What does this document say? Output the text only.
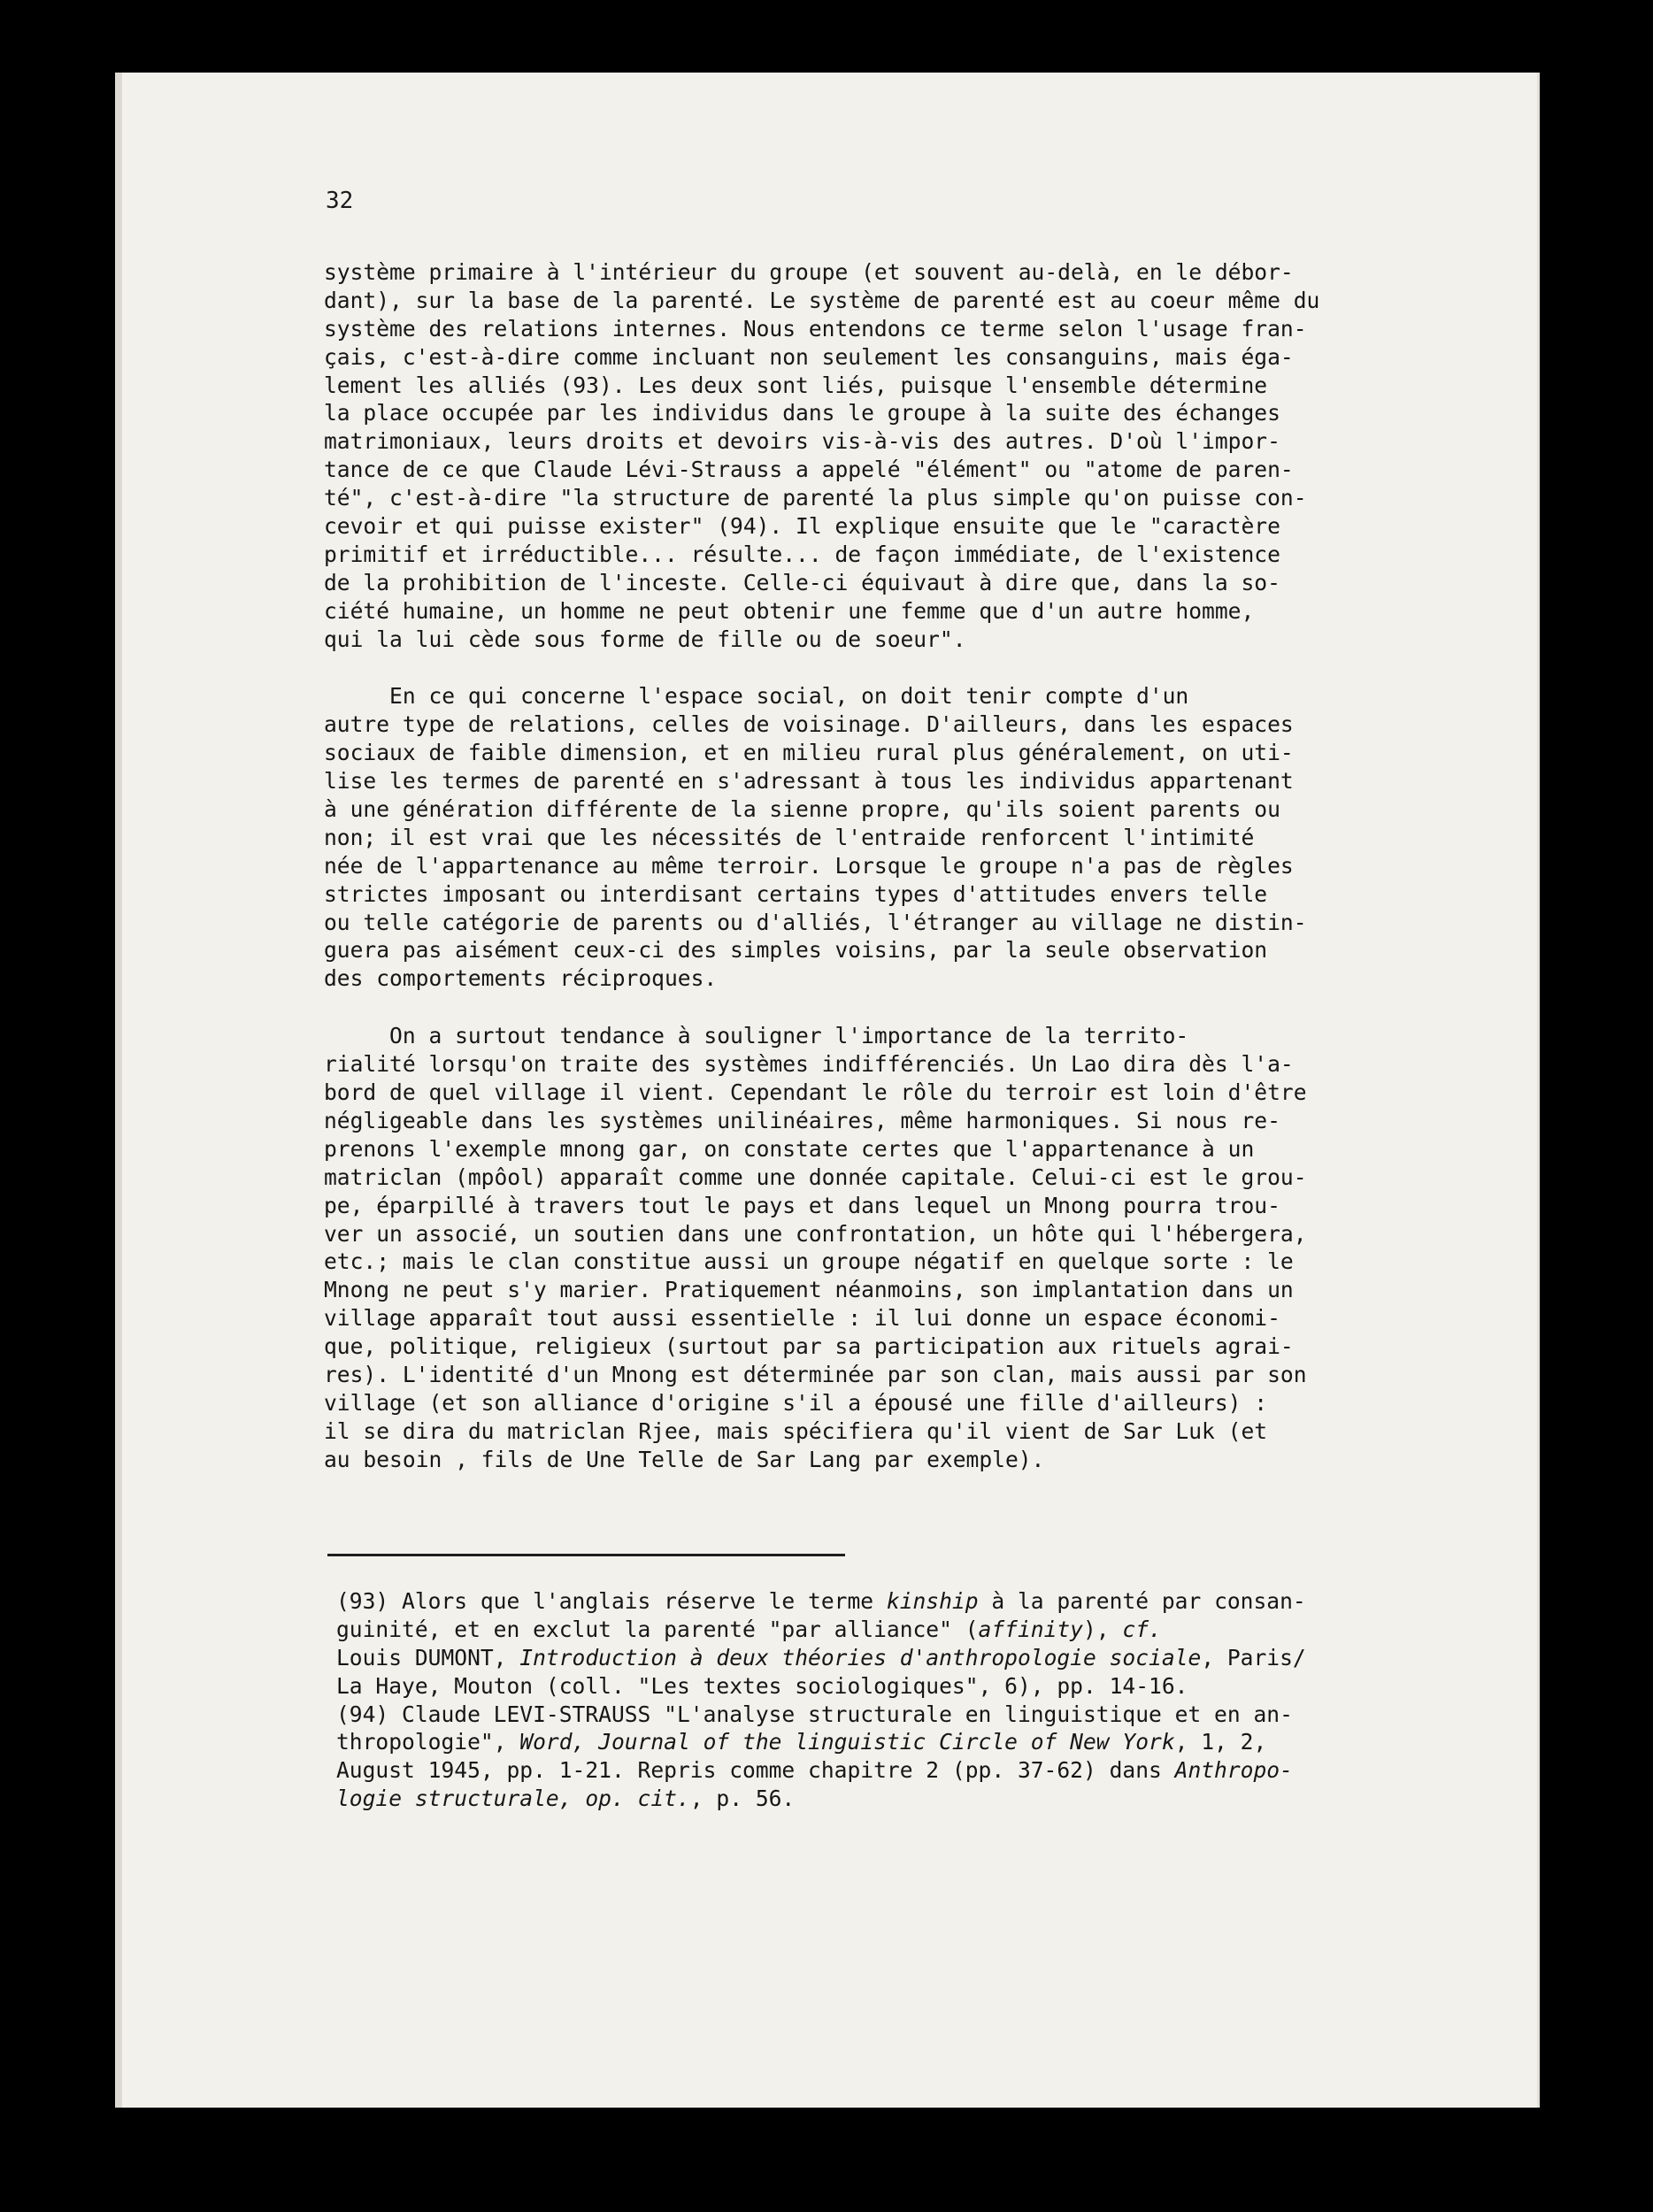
32
système primaire à l'intérieur du groupe (et souvent au-delà, en le débor-
dant), sur la base de la parenté. Le système de parenté est au coeur même du
système des relations internes. Nous entendons ce terme selon l'usage fran-
çais, c'est-à-dire comme incluant non seulement les consanguins, mais éga-
lement les alliés (93). Les deux sont liés, puisque l'ensemble détermine
la place occupée par les individus dans le groupe à la suite des échanges
matrimoniaux, leurs droits et devoirs vis-à-vis des autres. D'où l'impor-
tance de ce que Claude Lévi-Strauss a appelé "élément" ou "atome de paren-
té", c'est-à-dire "la structure de parenté la plus simple qu'on puisse con-
cevoir et qui puisse exister" (94). Il explique ensuite que le "caractère
primitif et irréductible... résulte... de façon immédiate, de l'existence
de la prohibition de l'inceste. Celle-ci équivaut à dire que, dans la so-
ciété humaine, un homme ne peut obtenir une femme que d'un autre homme,
qui la lui cède sous forme de fille ou de soeur".
En ce qui concerne l'espace social, on doit tenir compte d'un
autre type de relations, celles de voisinage. D'ailleurs, dans les espaces
sociaux de faible dimension, et en milieu rural plus généralement, on uti-
lise les termes de parenté en s'adressant à tous les individus appartenant
à une génération différente de la sienne propre, qu'ils soient parents ou
non; il est vrai que les nécessités de l'entraide renforcent l'intimité
née de l'appartenance au même terroir. Lorsque le groupe n'a pas de règles
strictes imposant ou interdisant certains types d'attitudes envers telle
ou telle catégorie de parents ou d'alliés, l'étranger au village ne distin-
guera pas aisément ceux-ci des simples voisins, par la seule observation
des comportements réciproques.
On a surtout tendance à souligner l'importance de la territo-
rialité lorsqu'on traite des systèmes indifférenciés. Un Lao dira dès l'a-
bord de quel village il vient. Cependant le rôle du terroir est loin d'être
négligeable dans les systèmes unilinéaires, même harmoniques. Si nous re-
prenons l'exemple mnong gar, on constate certes que l'appartenance à un
matriclan (mpôol) apparaît comme une donnée capitale. Celui-ci est le grou-
pe, éparpillé à travers tout le pays et dans lequel un Mnong pourra trou-
ver un associé, un soutien dans une confrontation, un hôte qui l'hébergera,
etc.; mais le clan constitue aussi un groupe négatif en quelque sorte : le
Mnong ne peut s'y marier. Pratiquement néanmoins, son implantation dans un
village apparaît tout aussi essentielle : il lui donne un espace économi-
que, politique, religieux (surtout par sa participation aux rituels agrai-
res). L'identité d'un Mnong est déterminée par son clan, mais aussi par son
village (et son alliance d'origine s'il a épousé une fille d'ailleurs) :
il se dira du matriclan Rjee, mais spécifiera qu'il vient de Sar Luk (et
au besoin , fils de Une Telle de Sar Lang par exemple).
(93) Alors que l'anglais réserve le terme kinship à la parenté par consan-
guinité, et en exclut la parenté "par alliance" (affinity), cf.
Louis DUMONT, Introduction à deux théories d'anthropologie sociale, Paris/
La Haye, Mouton (coll. "Les textes sociologiques", 6), pp. 14-16.
(94) Claude LEVI-STRAUSS "L'analyse structurale en linguistique et en an-
thropologie", Word, Journal of the linguistic Circle of New York, 1, 2,
August 1945, pp. 1-21. Repris comme chapitre 2 (pp. 37-62) dans Anthropo-
logie structurale, op. cit., p. 56.
